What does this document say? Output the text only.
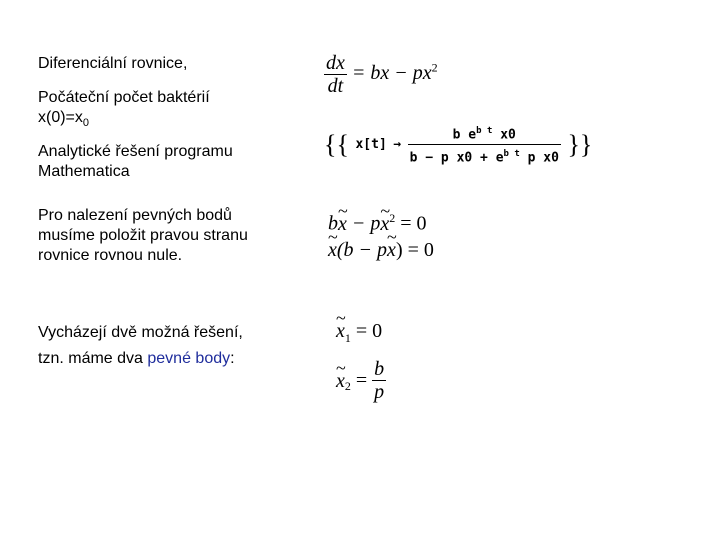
Diferenciální rovnice,
Počáteční počet baktérií
$x(0)=x_0$
Analytické řešení programu
Mathematica
Pro nalezení pevných bodů
musíme položit pravou stranu
rovnice rovnou nule.
Vycházejí dvě možná řešení,
tzn. máme dva pevné body:
$\frac{dx}{dt}$ = bx − $px^2$
{{ $x[t] \to \frac{b e^{b t} x0}{b - p x0 + e^{b t} p x0}$ }}
b~ x − p~ $x^2 = 0$
~ x(b − p~ x) = 0
~ $x_1 = 0$
~ $x_2 = \frac{b}{p}$
